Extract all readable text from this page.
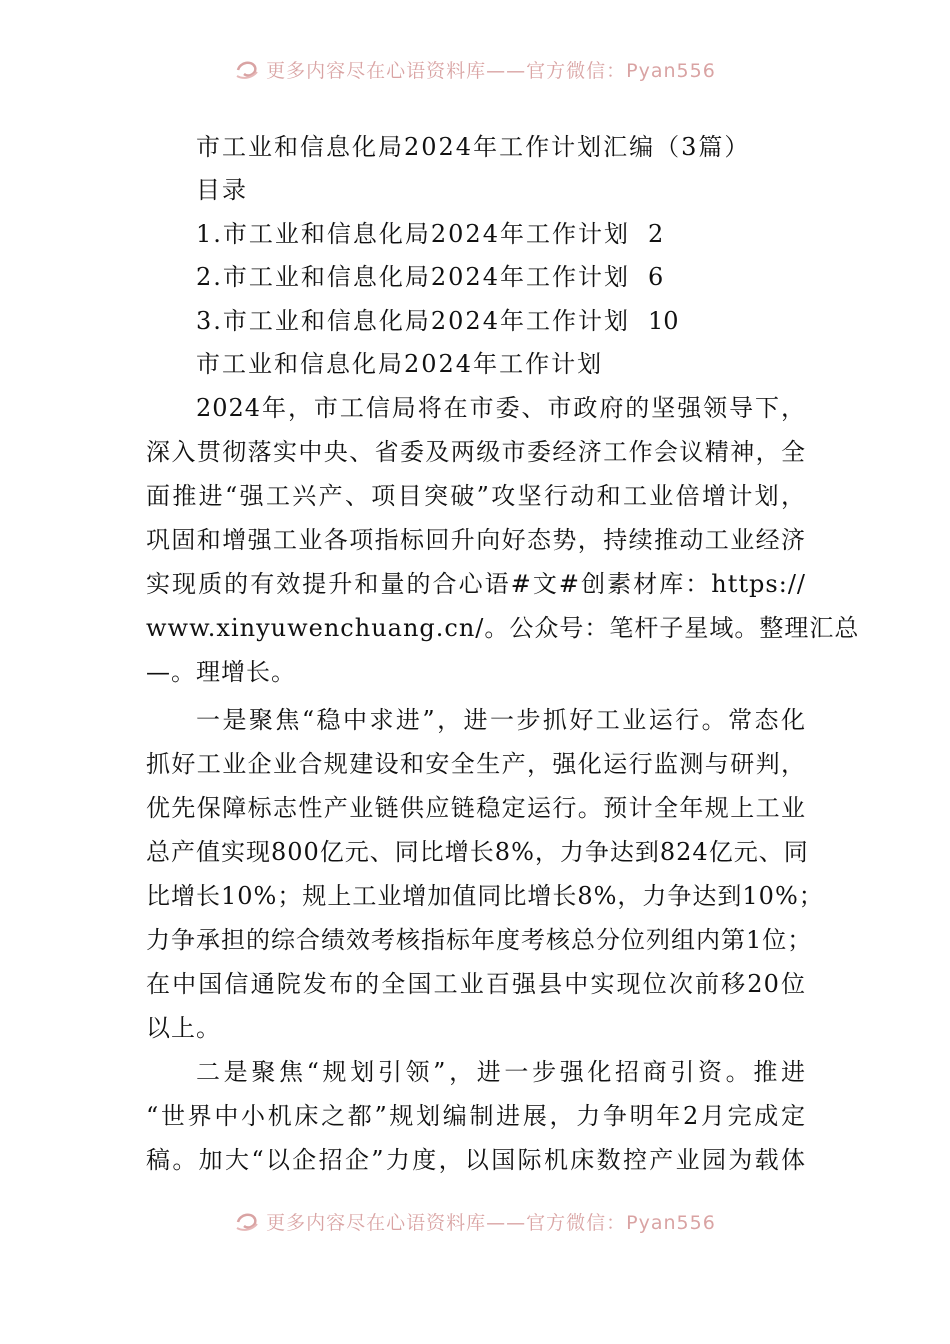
更多内容尽在心语资料库——官方微信：Pyan556
市工业和信息化局2024年工作计划汇编（3篇）
目录
1.市工业和信息化局2024年工作计划 2
2.市工业和信息化局2024年工作计划 6
3.市工业和信息化局2024年工作计划 10
市工业和信息化局2024年工作计划
2024年，市工信局将在市委、市政府的坚强领导下，
深入贯彻落实中央、省委及两级市委经济工作会议精神，全
面推进“强工兴产、项目突破”攻坚行动和工业倍增计划，
巩固和增强工业各项指标回升向好态势，持续推动工业经济
实现质的有效提升和量的合心语#文#创素材库：https://
www.xinyuwenchuang.cn/。公众号：笔杆子星域。整理汇总
—。理增长。
一是聚焦“稳中求进”，进一步抓好工业运行。常态化
抓好工业企业合规建设和安全生产，强化运行监测与研判，
优先保障标志性产业链供应链稳定运行。预计全年规上工业
总产值实现800亿元、同比增长8%，力争达到824亿元、同
比增长10%；规上工业增加值同比增长8%，力争达到10%；
力争承担的综合绩效考核指标年度考核总分位列组内第1位；
在中国信通院发布的全国工业百强县中实现位次前移20位
以上。
二是聚焦“规划引领”，进一步强化招商引资。推进
“世界中小机床之都”规划编制进展，力争明年2月完成定
稿。加大“以企招企”力度，以国际机床数控产业园为载体
更多内容尽在心语资料库——官方微信：Pyan556
